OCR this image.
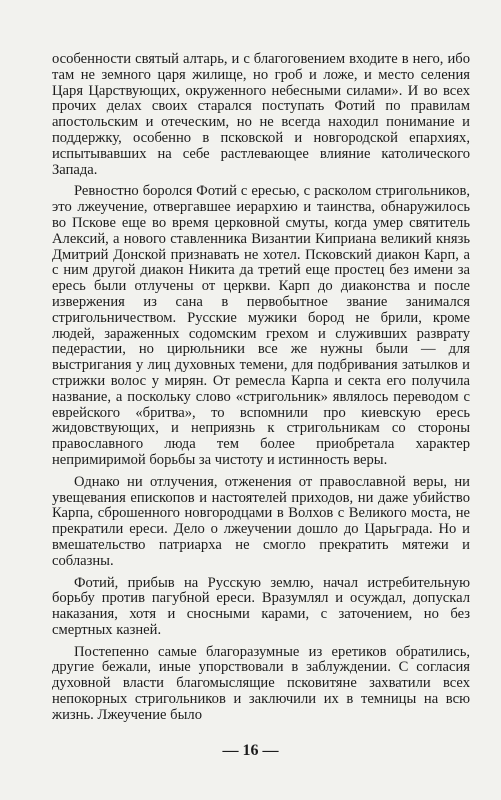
особенности святый алтарь, и с благоговением входите в него, ибо там не земного царя жилище, но гроб и ложе, и место селения Царя Царствующих, окруженного небесными силами». И во всех прочих делах своих старался поступать Фотий по правилам апостольским и отеческим, но не всегда находил понимание и поддержку, особенно в псковской и новгородской епархиях, испытывавших на себе растлевающее влияние католического Запада.

Ревностно боролся Фотий с ересью, с расколом стригольников, это лжеучение, отвергавшее иерархию и таинства, обнаружилось во Пскове еще во время церковной смуты, когда умер святитель Алексий, а нового ставленника Византии Киприана великий князь Дмитрий Донской признавать не хотел. Псковский диакон Карп, а с ним другой диакон Никита да третий еще простец без имени за ересь были отлучены от церкви. Карп до диаконства и после извержения из сана в первобытное звание занимался стригольничеством. Русские мужики бород не брили, кроме людей, зараженных содомским грехом и служивших разврату педерастии, но цирюльники все же нужны были — для выстригания у лиц духовных темени, для подбривания затылков и стрижки волос у мирян. От ремесла Карпа и секта его получила название, а поскольку слово «стригольник» являлось переводом с еврейского «бритва», то вспомнили про киевскую ересь жидовствующих, и неприязнь к стригольникам со стороны православного люда тем более приобретала характер непримиримой борьбы за чистоту и истинность веры.

Однако ни отлучения, отженения от православной веры, ни увещевания епископов и настоятелей приходов, ни даже убийство Карпа, сброшенного новгородцами в Волхов с Великого моста, не прекратили ереси. Дело о лжеучении дошло до Царьграда. Но и вмешательство патриарха не смогло прекратить мятежи и соблазны.

Фотий, прибыв на Русскую землю, начал истребительную борьбу против пагубной ереси. Вразумлял и осуждал, допускал наказания, хотя и сносными карами, с заточением, но без смертных казней.

Постепенно самые благоразумные из еретиков обратились, другие бежали, иные упорствовали в заблуждении. С согласия духовной власти благомыслящие псковитяне захватили всех непокорных стригольников и заключили их в темницы на всю жизнь. Лжеучение было

— 16 —
